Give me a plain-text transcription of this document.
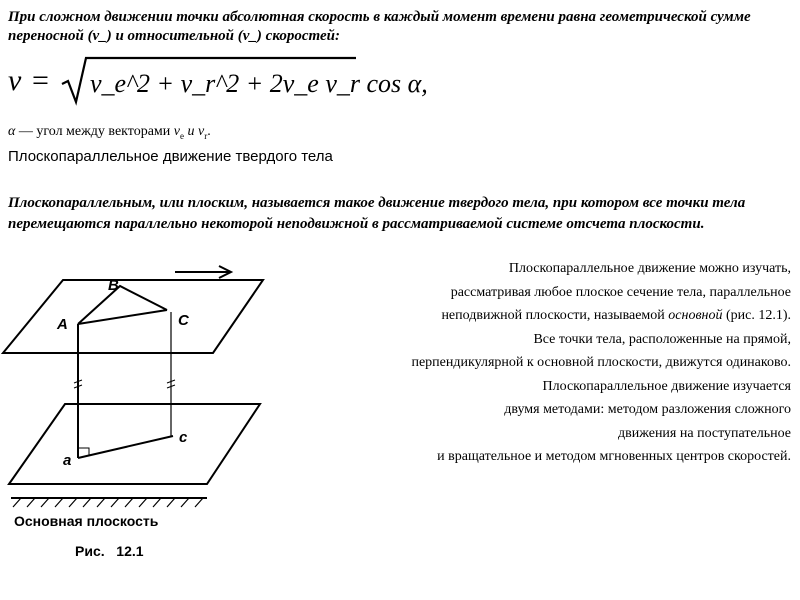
При сложном движении точки абсолютная скорость в каждый момент времени равна геометрической сумме переносной (v_) и относительной (v_) скоростей:
v = v_e^2 + v_r^2 + 2v_e v_r cos α,
α — угол между векторами $v_e$ и $v_r$.
Плоскопараллельное движение твердого тела
Плоскопараллельным, или плоским, называется такое движение твердого тела, при котором все точки тела перемещаются параллельно некоторой неподвижной в рассматриваемой системе отсчета плоскости.
Плоскопараллельное движение можно изучать,
рассматривая любое плоское сечение тела, параллельное
неподвижной плоскости, называемой основной (рис. 12.1).
Все точки тела, расположенные на прямой,
перпендикулярной к основной плоскости, движутся одинаково.
Плоскопараллельное движение изучается
двумя методами: методом разложения сложного
движения на поступательное
и вращательное и методом мгновенных центров скоростей.
A
B
C
a
c
Основная плоскость
Рис.   12.1
